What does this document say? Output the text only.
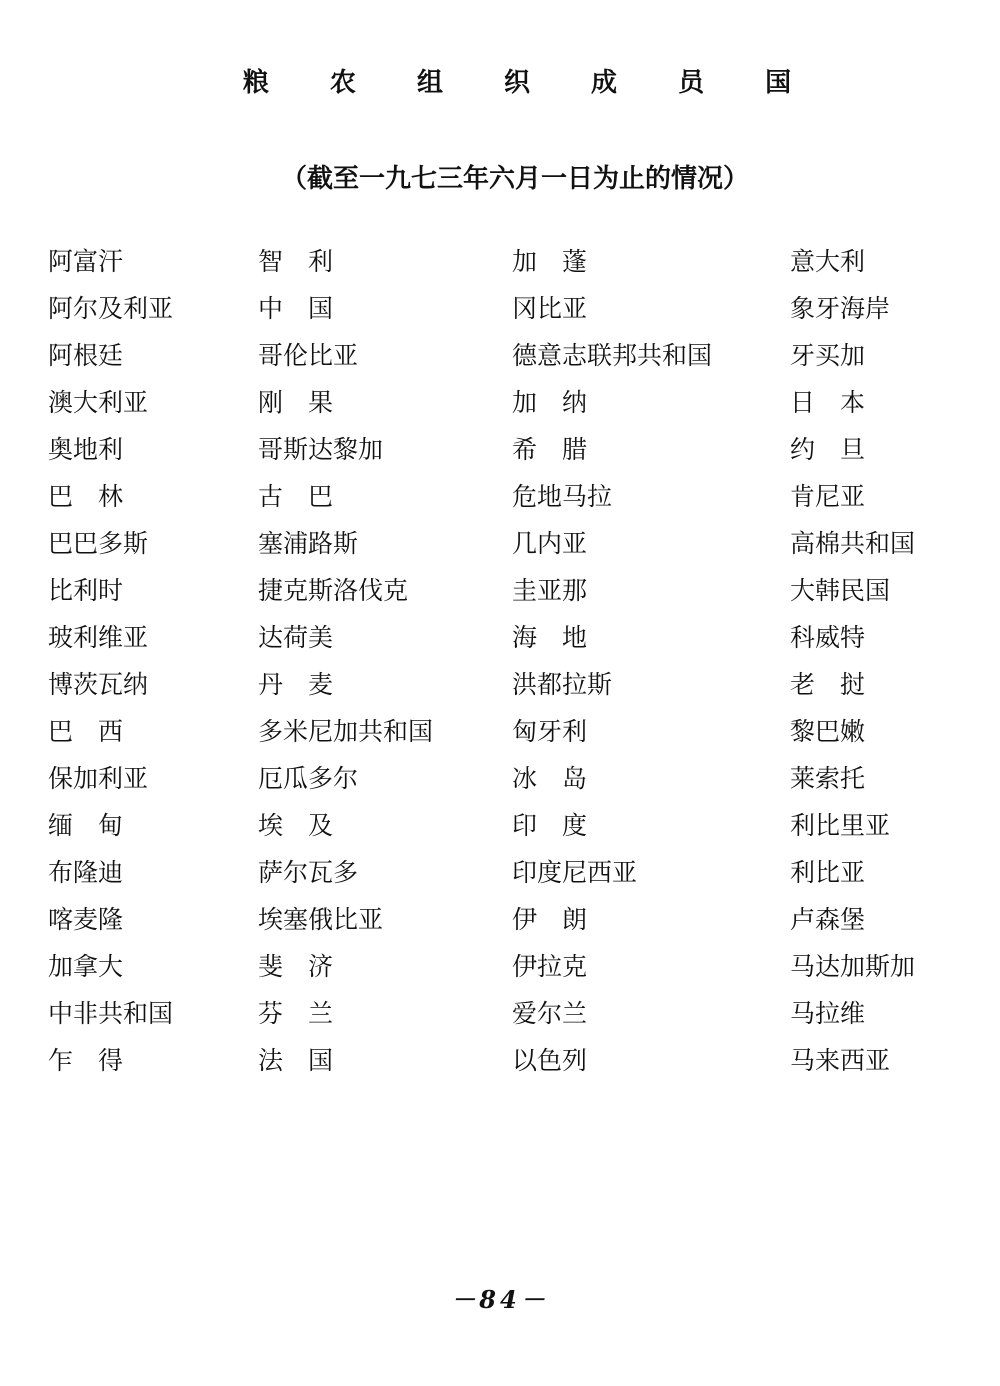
粮 农 组 织 成 员 国
（截至一九七三年六月一日为止的情况）
阿富汗
阿尔及利亚
阿根廷
澳大利亚
奥地利
巴　林
巴巴多斯
比利时
玻利维亚
博茨瓦纳
巴　西
保加利亚
缅　甸
布隆迪
喀麦隆
加拿大
中非共和国
乍　得
智　利
中　国
哥伦比亚
刚　果
哥斯达黎加
古　巴
塞浦路斯
捷克斯洛伐克
达荷美
丹　麦
多米尼加共和国
厄瓜多尔
埃　及
萨尔瓦多
埃塞俄比亚
斐　济
芬　兰
法　国
加　蓬
冈比亚
德意志联邦共和国
加　纳
希　腊
危地马拉
几内亚
圭亚那
海　地
洪都拉斯
匈牙利
冰　岛
印　度
印度尼西亚
伊　朗
伊拉克
爱尔兰
以色列
意大利
象牙海岸
牙买加
日　本
约　旦
肯尼亚
高棉共和国
大韩民国
科威特
老　挝
黎巴嫩
莱索托
利比里亚
利比亚
卢森堡
马达加斯加
马拉维
马来西亚
－84－
